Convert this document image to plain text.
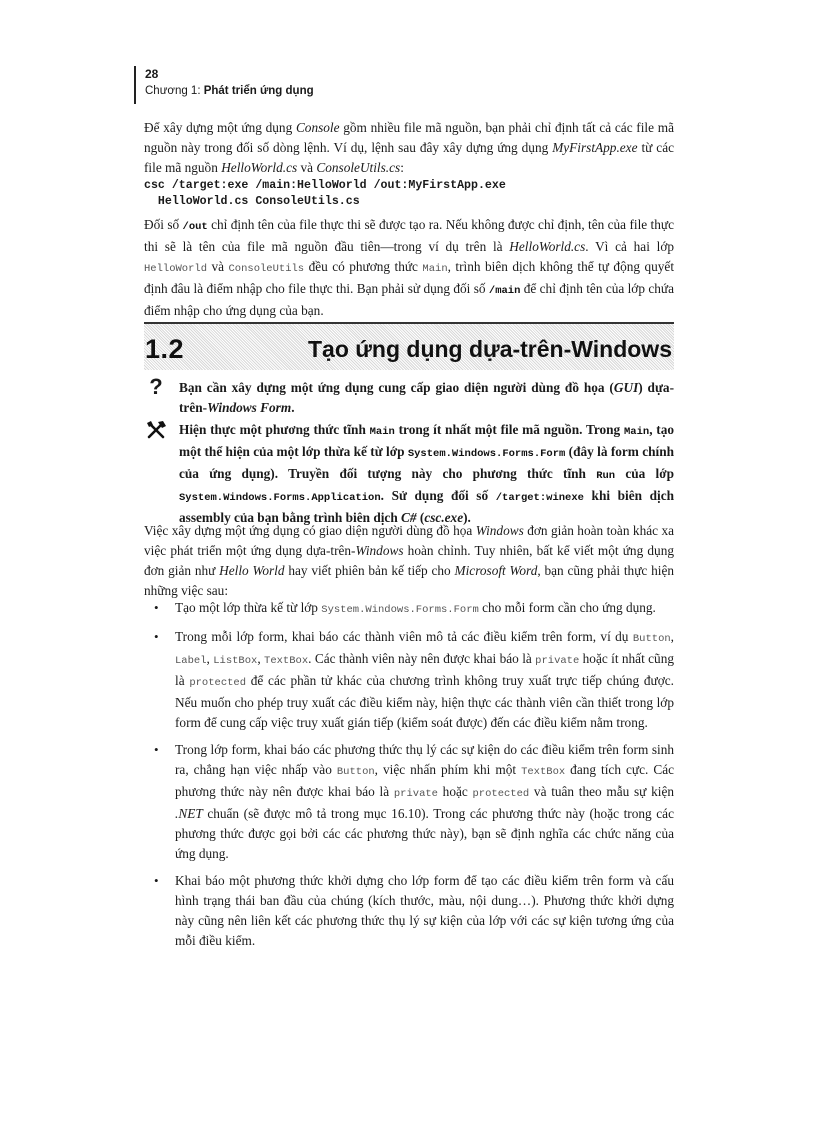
28
Chương 1: Phát triển ứng dụng
Để xây dựng một ứng dụng Console gồm nhiều file mã nguồn, bạn phải chỉ định tất cả các file mã nguồn này trong đối số dòng lệnh. Ví dụ, lệnh sau đây xây dựng ứng dụng MyFirstApp.exe từ các file mã nguồn HelloWorld.cs và ConsoleUtils.cs:
csc /target:exe /main:HelloWorld /out:MyFirstApp.exe
HelloWorld.cs ConsoleUtils.cs
Đối số /out chỉ định tên của file thực thi sẽ được tạo ra. Nếu không được chỉ định, tên của file thực thi sẽ là tên của file mã nguồn đầu tiên—trong ví dụ trên là HelloWorld.cs. Vì cả hai lớp HelloWorld và ConsoleUtils đều có phương thức Main, trình biên dịch không thể tự động quyết định đâu là điểm nhập cho file thực thi. Bạn phải sử dụng đối số /main để chỉ định tên của lớp chứa điểm nhập cho ứng dụng của bạn.
1.2	Tạo ứng dụng dựa-trên-Windows
?	Bạn cần xây dựng một ứng dụng cung cấp giao diện người dùng đồ họa (GUI) dựa-trên-Windows Form.
Hiện thực một phương thức tĩnh Main trong ít nhất một file mã nguồn. Trong Main, tạo một thể hiện của một lớp thừa kế từ lớp System.Windows.Forms.Form (đây là form chính của ứng dụng). Truyền đối tượng này cho phương thức tĩnh Run của lớp System.Windows.Forms.Application. Sử dụng đối số /target:winexe khi biên dịch assembly của bạn bằng trình biên dịch C# (csc.exe).
Việc xây dựng một ứng dụng có giao diện người dùng đồ họa Windows đơn giản hoàn toàn khác xa việc phát triển một ứng dụng dựa-trên-Windows hoàn chỉnh. Tuy nhiên, bất kể viết một ứng dụng đơn giản như Hello World hay viết phiên bản kế tiếp cho Microsoft Word, bạn cũng phải thực hiện những việc sau:
• Tạo một lớp thừa kế từ lớp System.Windows.Forms.Form cho mỗi form cần cho ứng dụng.
• Trong mỗi lớp form, khai báo các thành viên mô tả các điều kiểm trên form, ví dụ Button, Label, ListBox, TextBox. Các thành viên này nên được khai báo là private hoặc ít nhất cũng là protected để các phần tử khác của chương trình không truy xuất trực tiếp chúng được. Nếu muốn cho phép truy xuất các điều kiểm này, hiện thực các thành viên cần thiết trong lớp form để cung cấp việc truy xuất gián tiếp (kiểm soát được) đến các điều kiểm nằm trong.
• Trong lớp form, khai báo các phương thức thụ lý các sự kiện do các điều kiểm trên form sinh ra, chẳng hạn việc nhấp vào Button, việc nhấn phím khi một TextBox đang tích cực. Các phương thức này nên được khai báo là private hoặc protected và tuân theo mẫu sự kiện .NET chuẩn (sẽ được mô tả trong mục 16.10). Trong các phương thức này (hoặc trong các phương thức được gọi bởi các các phương thức này), bạn sẽ định nghĩa các chức năng của ứng dụng.
• Khai báo một phương thức khởi dựng cho lớp form để tạo các điều kiểm trên form và cấu hình trạng thái ban đầu của chúng (kích thước, màu, nội dung…). Phương thức khởi dựng này cũng nên liên kết các phương thức thụ lý sự kiện của lớp với các sự kiện tương ứng của mỗi điều kiểm.
